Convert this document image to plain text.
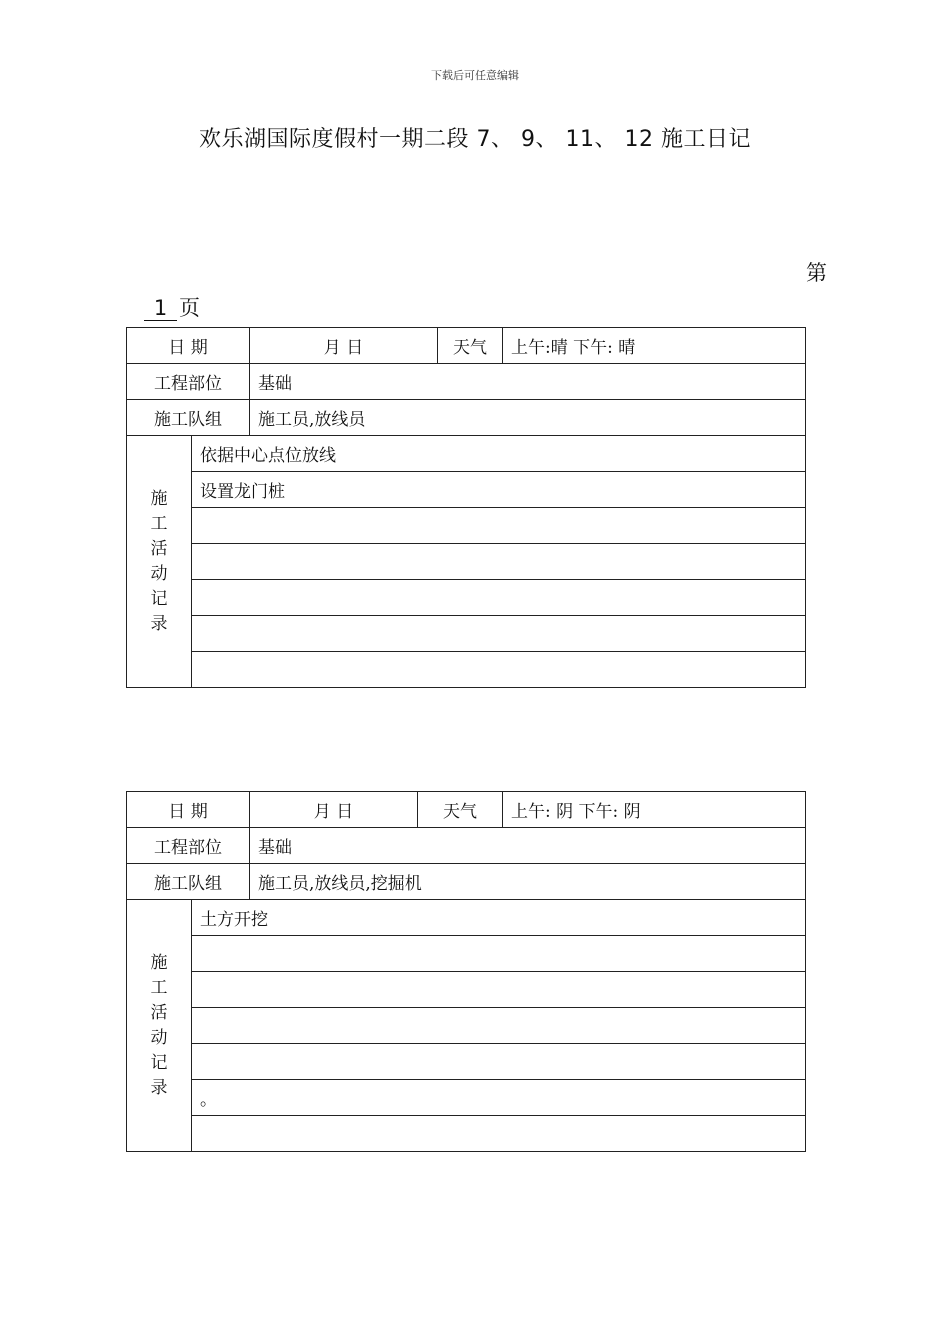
下载后可任意编辑
欢乐湖国际度假村一期二段 7、 9、 11、 12 施工日记
第
1 页
日 期		月 日	天气	上午:晴 下午: 晴
工程部位		基础		
施工队组		施工员,放线员		
施工活动记录	依据中心点位放线			
	设置龙门桩			

日 期		月 日	天气	上午: 阴 下午: 阴
工程部位		基础		
施工队组		施工员,放线员,挖掘机		
施工活动记录	土方开挖			

	。			
